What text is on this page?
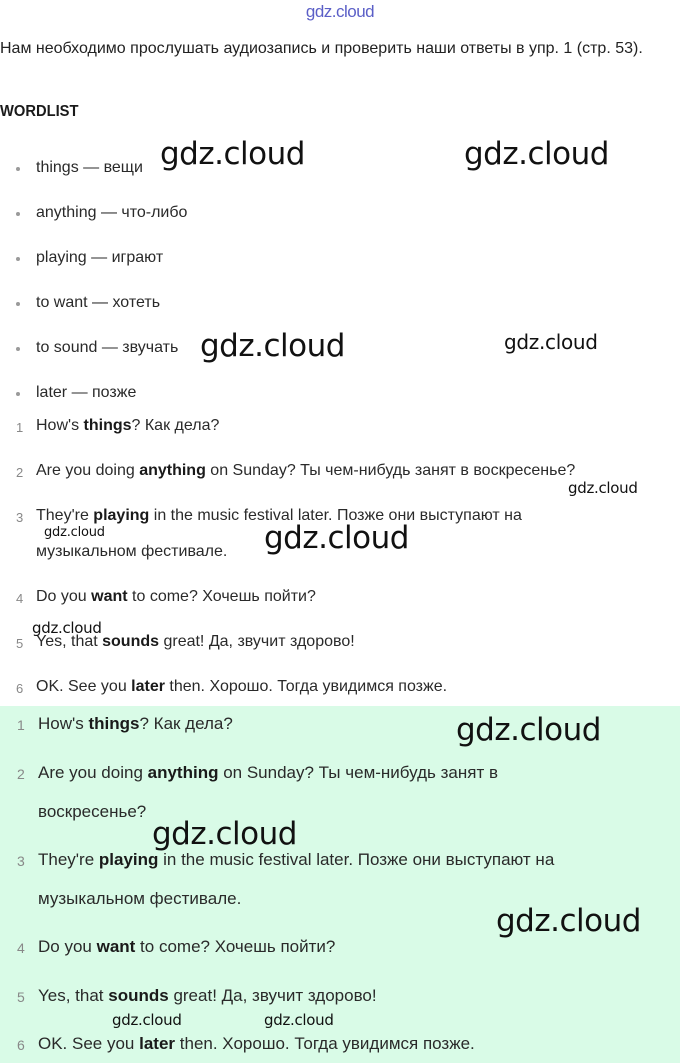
gdz.cloud
Нам необходимо прослушать аудиозапись и проверить наши ответы в упр. 1 (стр. 53).
WORDLIST
things — вещи
anything — что-либо
playing — играют
to want — хотеть
to sound — звучать
later — позже
1 How's things? Как дела?
2 Are you doing anything on Sunday? Ты чем-нибудь занят в воскресенье?
3 They're playing in the music festival later. Позже они выступают на
музыкальном фестивале.
4 Do you want to come? Хочешь пойти?
5 Yes, that sounds great! Да, звучит здорово!
6 OK. See you later then. Хорошо. Тогда увидимся позже.
1 How's things? Как дела?
2 Are you doing anything on Sunday? Ты чем-нибудь занят в
воскресенье?
3 They're playing in the music festival later. Позже они выступают на
музыкальном фестивале.
4 Do you want to come? Хочешь пойти?
5 Yes, that sounds great! Да, звучит здорово!
6 OK. See you later then. Хорошо. Тогда увидимся позже.
gdz.cloud	gdz.cloud
gdz.cloud	gdz.cloud
gdz.cloud
gdz.cloud	gdz.cloud
gdz.cloud
gdz.cloud
gdz.cloud
gdz.cloud
gdz.cloud	gdz.cloud
